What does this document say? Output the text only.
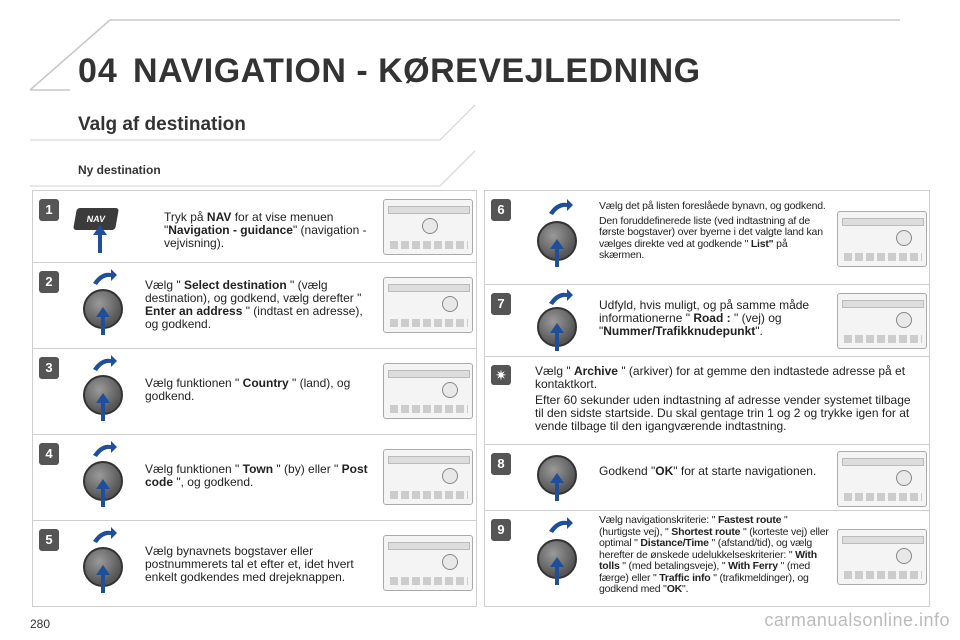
04 NAVIGATION - KØREVEJLEDNING
Valg af destination
Ny destination
1
NAV	Tryk på NAV for at vise menuen "Navigation - guidance" (navigation - vejvisning).
2	Vælg " Select destination " (vælg destination), og godkend, vælg derefter " Enter an address " (indtast en adresse), og godkend.
3
Vælg funktionen " Country " (land), og godkend.
4
Vælg funktionen " Town " (by) eller " Post code ", og godkend.
5
Vælg bynavnets bogstaver eller postnummerets tal et efter et, idet hvert enkelt godkendes med drejeknappen.
6	Vælg det på listen foreslåede bynavn, og godkend.

Den foruddefinerede liste (ved indtastning af de første bogstaver) over byerne i det valgte land kan vælges direkte ved at godkende " List" på skærmen.

7	Udfyld, hvis muligt, og på samme måde informationerne " Road : " (vej) og "Nummer/Trafikknudepunkt".
✷	Vælg " Archive " (arkiver) for at gemme den indtastede adresse på et kontaktkort.

Efter 60 sekunder uden indtastning af adresse vender systemet tilbage til den sidste startside. Du skal gentage trin 1 og 2 og trykke igen for at vende tilbage til den igangværende indtastning.

8	Godkend "OK" for at starte navigationen.
9
Vælg navigationskriterie: " Fastest route " (hurtigste vej), " Shortest route " (korteste vej) eller optimal " Distance/Time " (afstand/tid), og vælg herefter de ønskede udelukkelseskriterier: " With tolls " (med betalingsveje), " With Ferry " (med færge) eller " Traffic info " (trafikmeldinger), og godkend med "OK".
280	carmanualsonline.info
